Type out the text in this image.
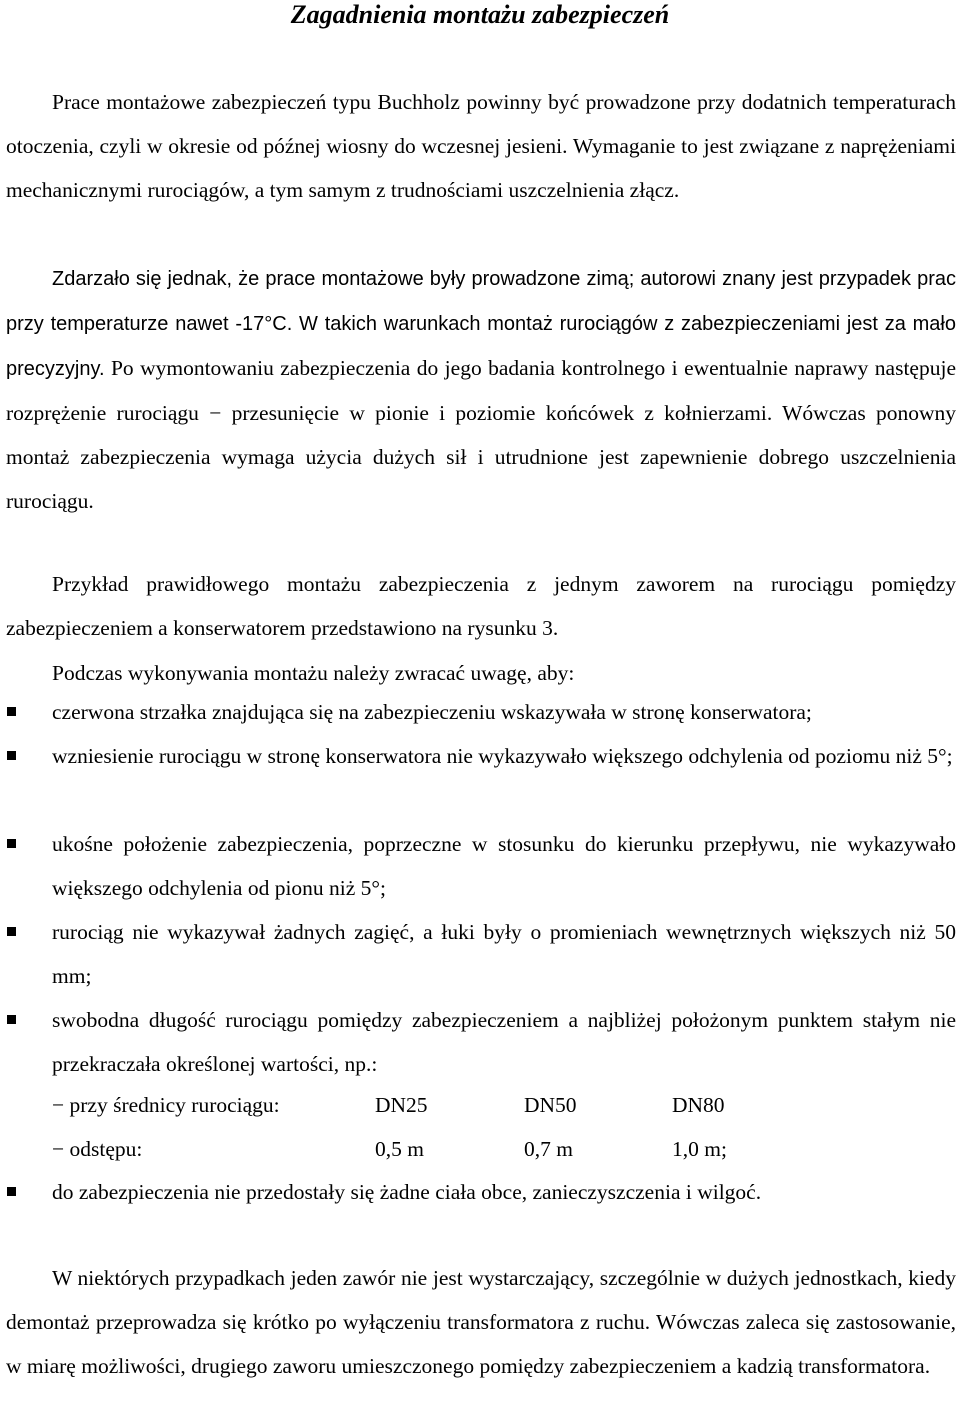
Zagadnienia montażu zabezpieczeń

Prace montażowe zabezpieczeń typu Buchholz powinny być prowadzone przy dodatnich temperaturach otoczenia, czyli w okresie od późnej wiosny do wczesnej jesieni. Wymaganie to jest związane z naprężeniami mechanicznymi rurociągów, a tym samym z trudnościami uszczelnienia złącz.

Zdarzało się jednak, że prace montażowe były prowadzone zimą; autorowi znany jest przypadek prac przy temperaturze nawet -17°C. W takich warunkach montaż rurociągów z zabezpieczeniami jest za mało precyzyjny. Po wymontowaniu zabezpieczenia do jego badania kontrolnego i ewentualnie naprawy następuje rozprężenie rurociągu − przesunięcie w pionie i poziomie końcówek z kołnierzami. Wówczas ponowny montaż zabezpieczenia wymaga użycia dużych sił i utrudnione jest zapewnienie dobrego uszczelnienia rurociągu.

Przykład prawidłowego montażu zabezpieczenia z jednym zaworem na rurociągu pomiędzy zabezpieczeniem a konserwatorem przedstawiono na rysunku 3.

Podczas wykonywania montażu należy zwracać uwagę, aby:
czerwona strzałka znajdująca się na zabezpieczeniu wskazywała w stronę konserwatora;
wzniesienie rurociągu w stronę konserwatora nie wykazywało większego odchylenia od poziomu niż 5°;
ukośne położenie zabezpieczenia, poprzeczne w stosunku do kierunku przepływu, nie wykazywało większego odchylenia od pionu niż 5°;
rurociąg nie wykazywał żadnych zagięć, a łuki były o promieniach wewnętrznych większych niż 50 mm;
swobodna długość rurociągu pomiędzy zabezpieczeniem a najbliżej położonym punktem stałym nie przekraczała określonej wartości, np.:
− przy średnicy rurociągu:	DN25	DN50	DN80
− odstępu:	0,5 m	0,7 m	1,0 m;
do zabezpieczenia nie przedostały się żadne ciała obce, zanieczyszczenia i wilgoć.

W niektórych przypadkach jeden zawór nie jest wystarczający, szczególnie w dużych jednostkach, kiedy demontaż przeprowadza się krótko po wyłączeniu transformatora z ruchu. Wówczas zaleca się zastosowanie, w miarę możliwości, drugiego zaworu umieszczonego pomiędzy zabezpieczeniem a kadzią transformatora.
